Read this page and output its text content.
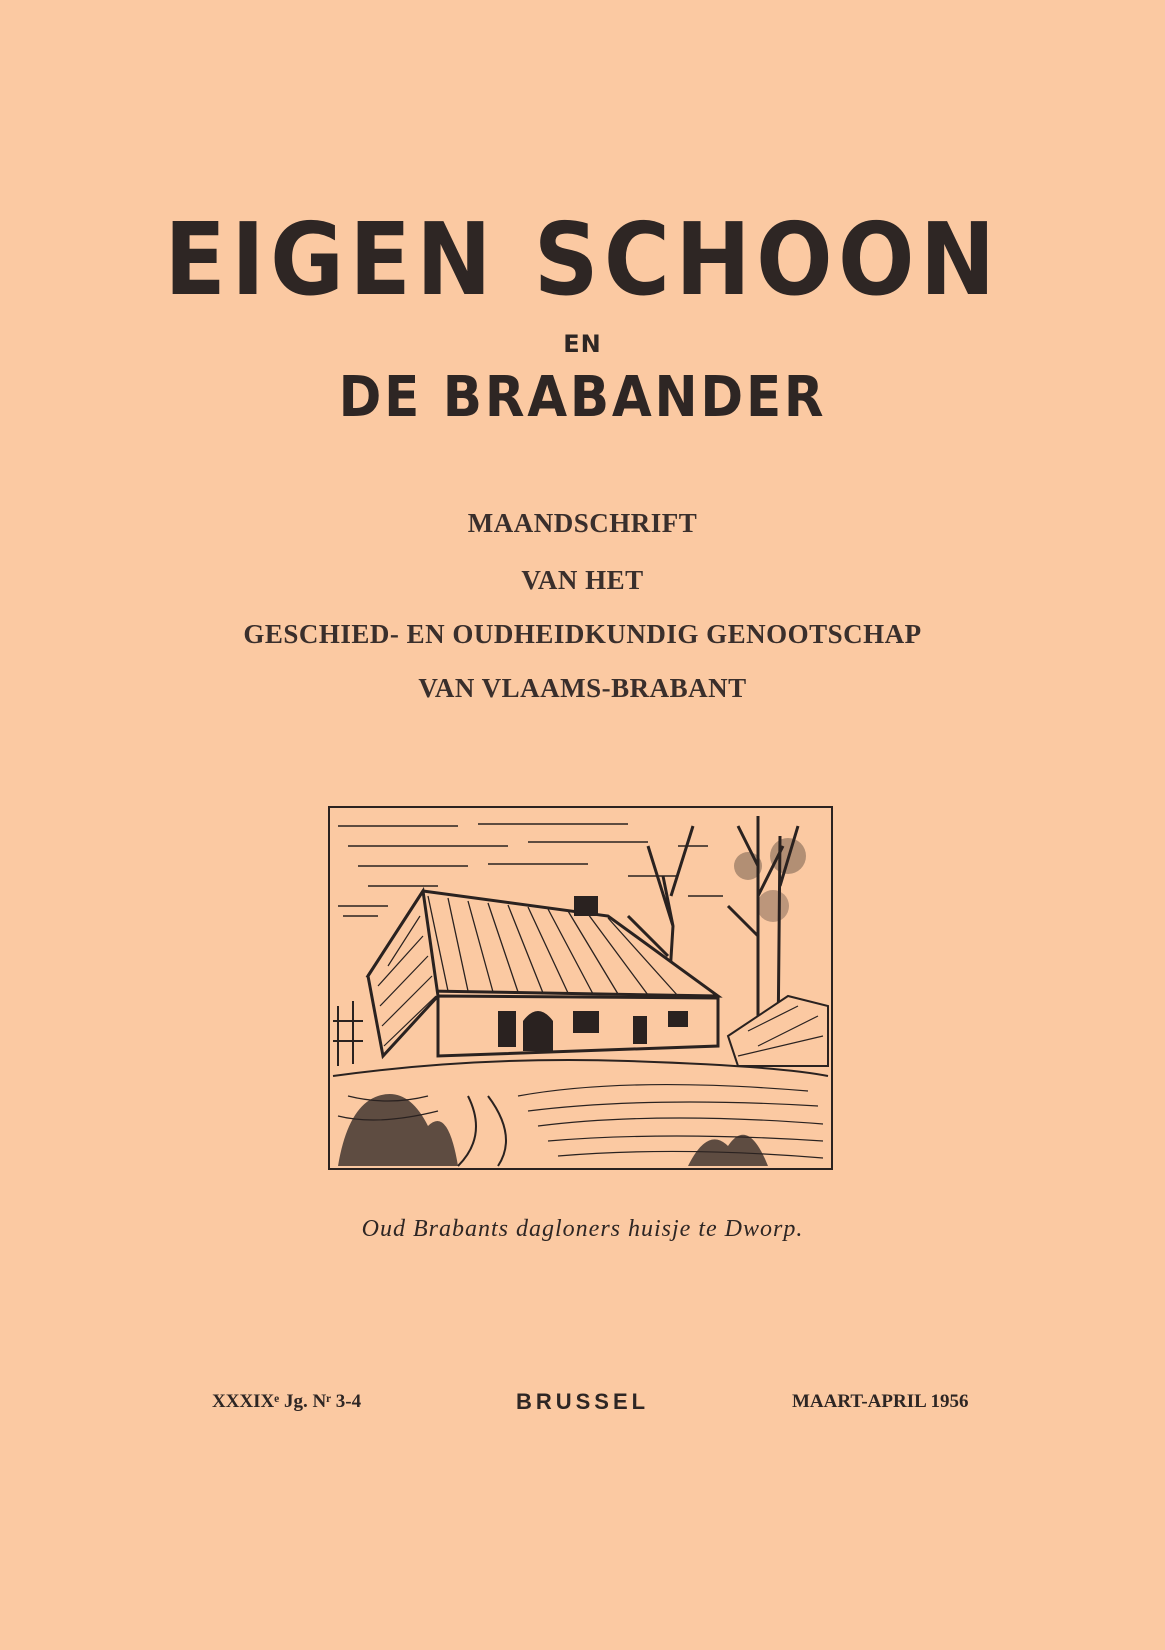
EIGEN SCHOON
EN
DE BRABANDER
MAANDSCHRIFT
VAN HET
GESCHIED- EN OUDHEIDKUNDIG GENOOTSCHAP
VAN VLAAMS-BRABANT
Oud Brabants dagloners huisje te Dworp.
XXXIXᵉ Jg. Nʳ 3-4	BRUSSEL	MAART-APRIL 1956
